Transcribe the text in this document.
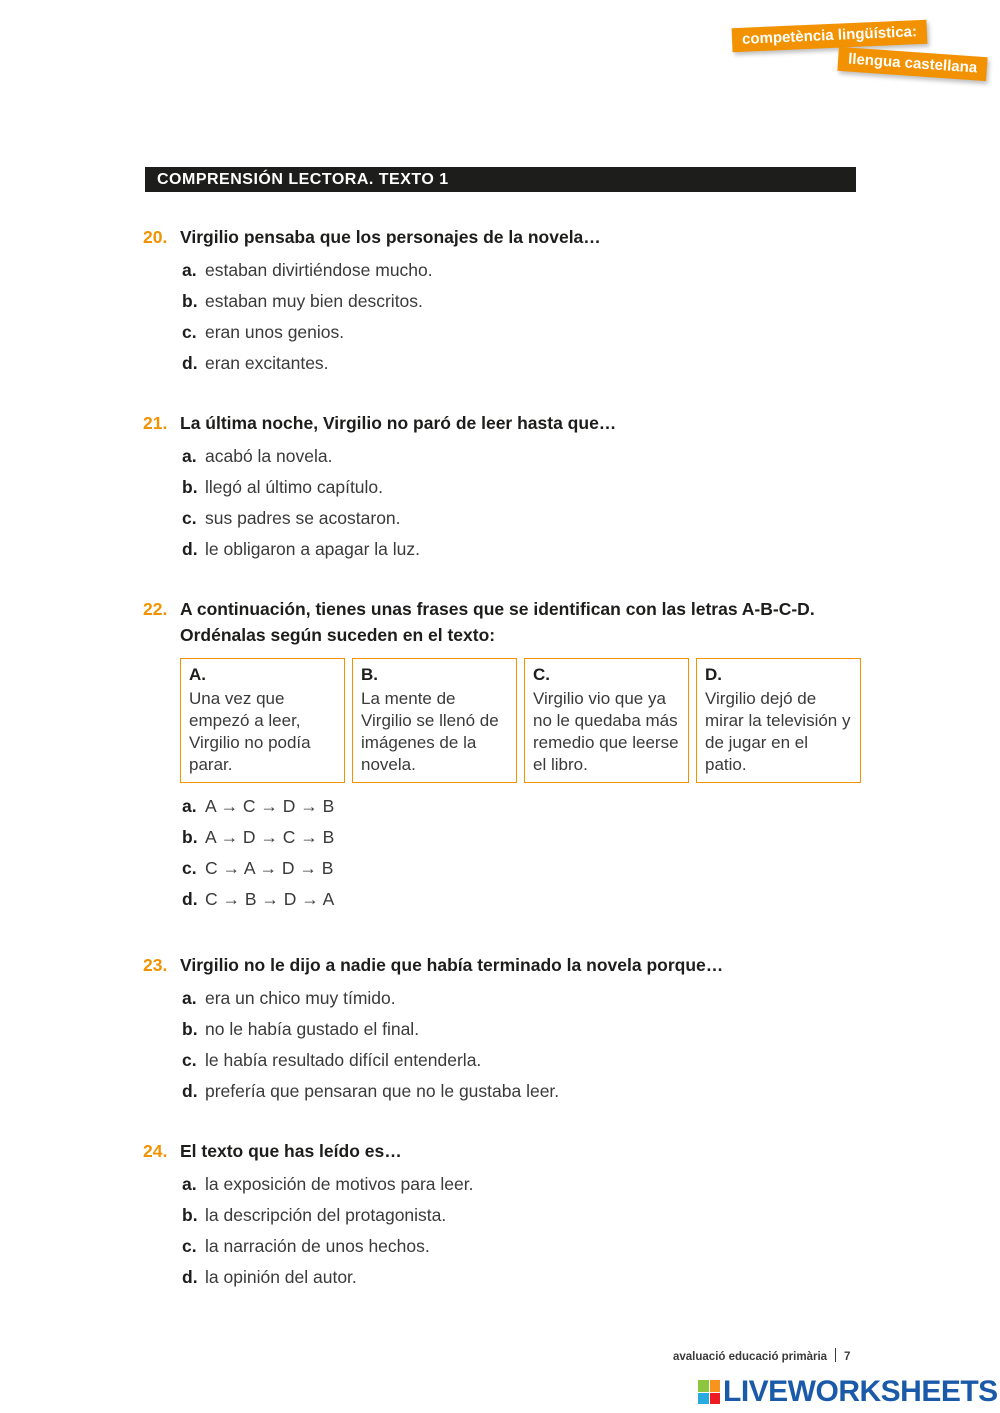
competència lingüística:
llengua castellana
COMPRENSIÓN LECTORA. TEXTO 1
20. Virgilio pensaba que los personajes de la novela…
a. estaban divirtiéndose mucho.
b. estaban muy bien descritos.
c. eran unos genios.
d. eran excitantes.
21. La última noche, Virgilio no paró de leer hasta que…
a. acabó la novela.
b. llegó al último capítulo.
c. sus padres se acostaron.
d. le obligaron a apagar la luz.
22. A continuación, tienes unas frases que se identifican con las letras A-B-C-D.
Ordénalas según suceden en el texto:
A.
Una vez que empezó a leer, Virgilio no podía parar.
B.
La mente de Virgilio se llenó de imágenes de la novela.
C.
Virgilio vio que ya no le quedaba más remedio que leerse el libro.
D.
Virgilio dejó de mirar la televisión y de jugar en el patio.
a. A → C → D → B
b. A → D → C → B
c. C → A → D → B
d. C → B → D → A
23. Virgilio no le dijo a nadie que había terminado la novela porque…
a. era un chico muy tímido.
b. no le había gustado el final.
c. le había resultado difícil entenderla.
d. prefería que pensaran que no le gustaba leer.
24. El texto que has leído es…
a. la exposición de motivos para leer.
b. la descripción del protagonista.
c. la narración de unos hechos.
d. la opinión del autor.
avaluació educació primària 7
LIVEWORKSHEETS
